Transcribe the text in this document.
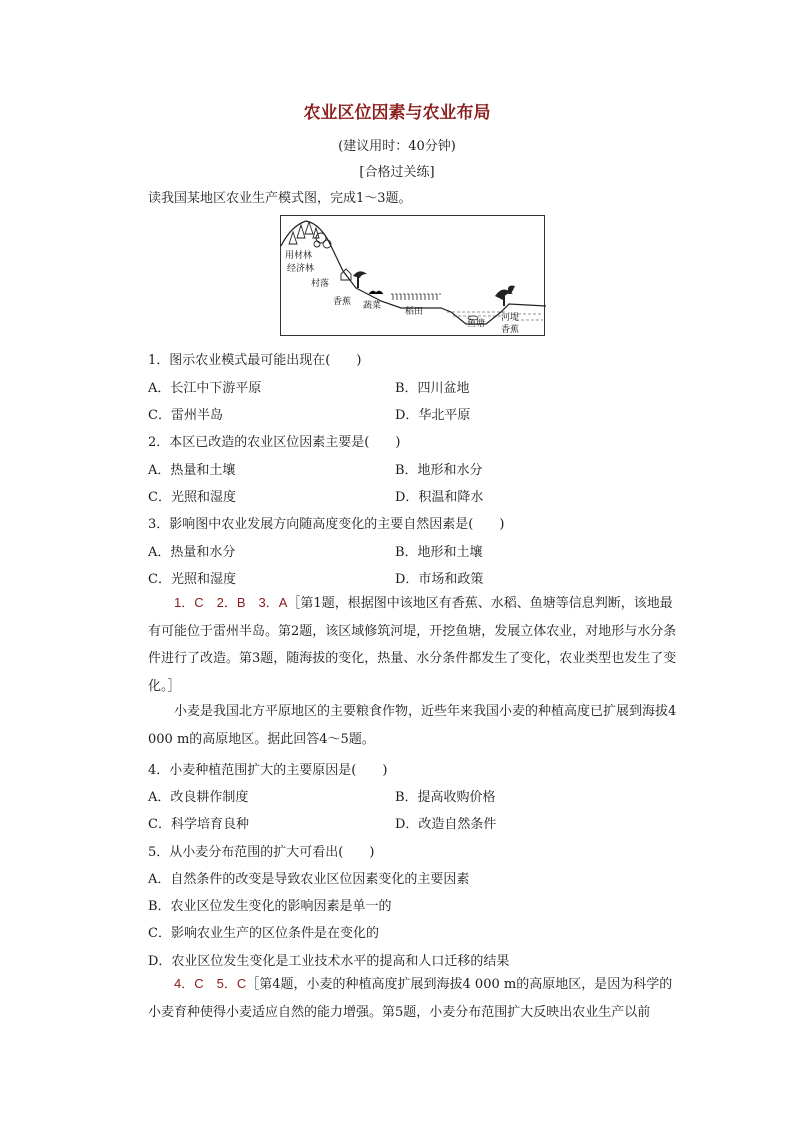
农业区位因素与农业布局
(建议用时：40分钟)
[合格过关练]
读我国某地区农业生产模式图，完成1～3题。
用材林
经济林
村落
香蕉 蔬菜
稻田
鱼塘
河堤
香蕉
1．图示农业模式最可能出现在(　　)
A．长江中下游平原	B．四川盆地
C．雷州半岛	D．华北平原
2．本区已改造的农业区位因素主要是(　　)
A．热量和土壤	B．地形和水分
C．光照和湿度	D．积温和降水
3．影响图中农业发展方向随高度变化的主要自然因素是(　　)
A．热量和水分	B．地形和土壤
C．光照和湿度	D．市场和政策
1．C　2．B　3．A［第1题，根据图中该地区有香蕉、水稻、鱼塘等信息判断，该地最有可能位于雷州半岛。第2题，该区域修筑河堤，开挖鱼塘，发展立体农业，对地形与水分条件进行了改造。第3题，随海拔的变化，热量、水分条件都发生了变化，农业类型也发生了变化。］
小麦是我国北方平原地区的主要粮食作物，近些年来我国小麦的种植高度已扩展到海拔4 000 m的高原地区。据此回答4～5题。
4．小麦种植范围扩大的主要原因是(　　)
A．改良耕作制度	B．提高收购价格
C．科学培育良种	D．改造自然条件
5．从小麦分布范围的扩大可看出(　　)
A．自然条件的改变是导致农业区位因素变化的主要因素
B．农业区位发生变化的影响因素是单一的
C．影响农业生产的区位条件是在变化的
D．农业区位发生变化是工业技术水平的提高和人口迁移的结果
4．C　5．C［第4题，小麦的种植高度扩展到海拔4 000 m的高原地区，是因为科学的小麦育种使得小麦适应自然的能力增强。第5题，小麦分布范围扩大反映出农业生产以前
